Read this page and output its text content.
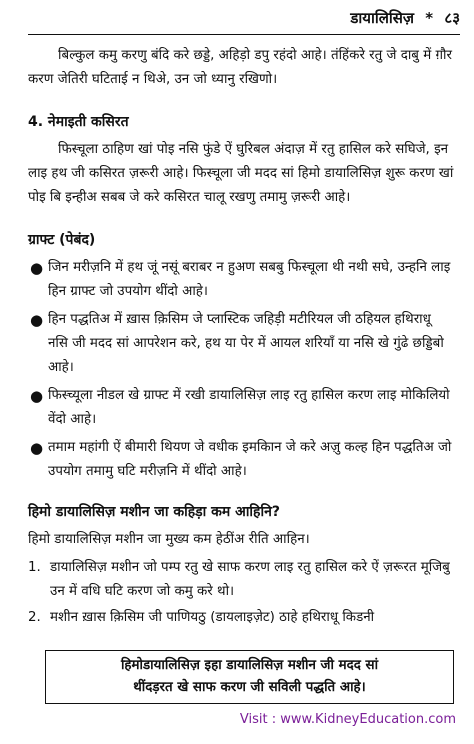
डायालिसिज़ * ८३

बिल्कुल कमु करणु बंदि करे छड्डे, अहिड़ो डपु रहंदो आहे। तंहिंकरे रतु जे दाबु में ग़ौर करण जेतिरी घटिताई न थिअे, उन जो ध्यानु रखिणो।

4. नेमाइती कसिरत

फिस्चूला ठाहिण खां पोइ नसि फुंडे ऐं घुरिबल अंदाज़ में रतु हासिल करे सघिजे, इन लाइ हथ जी कसिरत ज़रूरी आहे। फिस्चूला जी मदद सां हिमो डायालिसिज़ शुरू करण खां पोइ बि इन्हीअ सबब जे करे कसिरत चालू रखणु तमामु ज़रूरी आहे।

ग्राफ्ट (पेबंद)

● जिन मरीज़नि में हथ जूं नसूं बराबर न हुअण सबबु फिस्चूला थी नथी सघे, उन्हनि लाइ हिन ग्राफ्ट जो उपयोग थींदो आहे।
● हिन पद्धतिअ में ख़ास क़िसिम जे प्लास्टिक जहिड़ी मटीरियल जी ठहियल हथिराधू नसि जी मदद सां आपरेशन करे, हथ या पेर में आयल शरियाँ या नसि खे गुंढे छड्डिबो आहे।
● फिस्च्यूला नीडल खे ग्राफ्ट में रखी डायालिसिज़ लाइ रतु हासिल करण लाइ मोकिलियो वेंदो आहे।
● तमाम महांगी ऐं बीमारी थियण जे वधीक इमकिान जे करे अज़ु कल्ह हिन पद्धतिअ जो उपयोग तमामु घटि मरीज़नि में थींदो आहे।

हिमो डायालिसिज़ मशीन जा कहिड़ा कम आहिनि?

हिमो डायालिसिज़ मशीन जा मुख्य कम हेठींअ रीति आहिन।

1. डायालिसिज़ मशीन जो पम्प रतु खे साफ करण लाइ रतु हासिल करे ऐं ज़रूरत मूजिबु उन में वधि घटि करण जो कमु करे थो।
2. मशीन ख़ास क़िसिम जी पाणियठु (डायलाइज़ेट) ठाहे हथिराधू किडनी
हिमोडायालिसिज़ इहा डायालिसिज़ मशीन जी मदद सां
थींदड़रत खे साफ करण जी सविली पद्धति आहे।
Visit : www.KidneyEducation.com
